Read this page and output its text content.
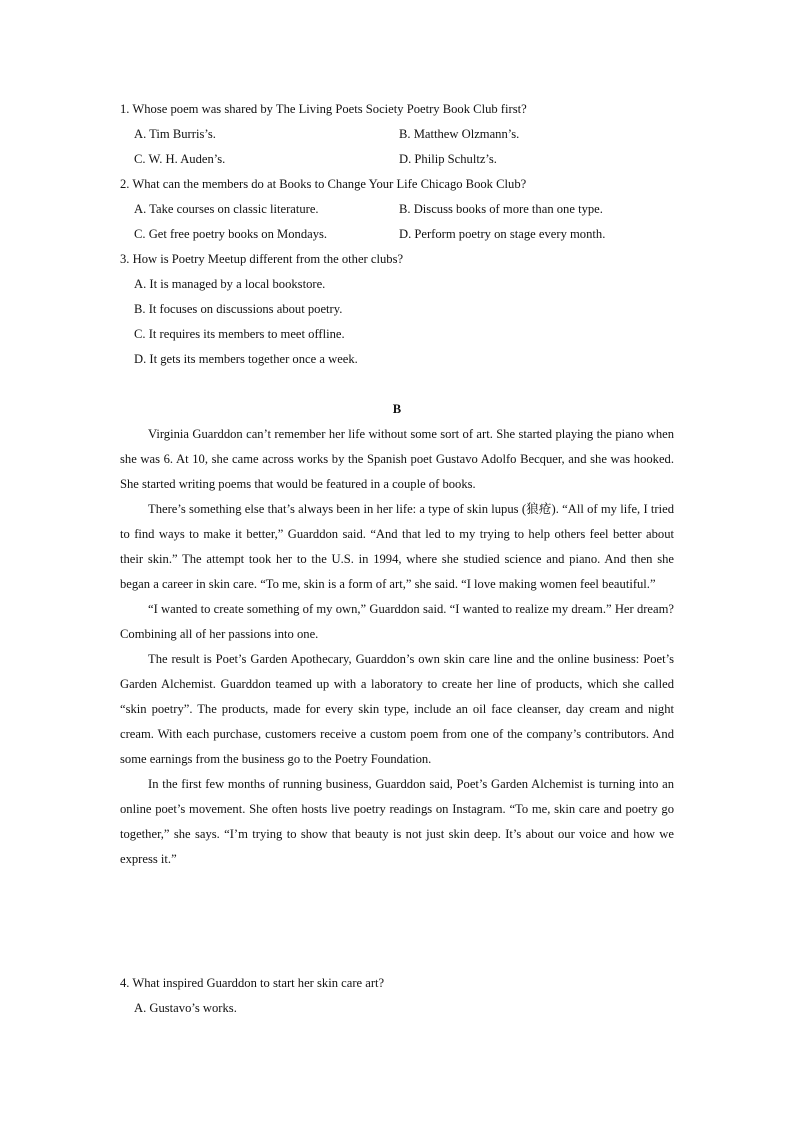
1. Whose poem was shared by The Living Poets Society Poetry Book Club first?
A. Tim Burris’s.	B. Matthew Olzmann’s.
C. W. H. Auden’s.	D. Philip Schultz’s.
2. What can the members do at Books to Change Your Life Chicago Book Club?
A. Take courses on classic literature.	B. Discuss books of more than one type.
C. Get free poetry books on Mondays.	D. Perform poetry on stage every month.
3. How is Poetry Meetup different from the other clubs?
A. It is managed by a local bookstore.
B. It focuses on discussions about poetry.
C. It requires its members to meet offline.
D. It gets its members together once a week.
B

Virginia Guarddon can’t remember her life without some sort of art. She started playing the piano when she was 6. At 10, she came across works by the Spanish poet Gustavo Adolfo Becquer, and she was hooked. She started writing poems that would be featured in a couple of books.

There’s something else that’s always been in her life: a type of skin lupus (狼疮). “All of my life, I tried to find ways to make it better,” Guarddon said. “And that led to my trying to help others feel better about their skin.” The attempt took her to the U.S. in 1994, where she studied science and piano. And then she began a career in skin care. “To me, skin is a form of art,” she said. “I love making women feel beautiful.”

“I wanted to create something of my own,” Guarddon said. “I wanted to realize my dream.” Her dream? Combining all of her passions into one.

The result is Poet’s Garden Apothecary, Guarddon’s own skin care line and the online business: Poet’s Garden Alchemist. Guarddon teamed up with a laboratory to create her line of products, which she called “skin poetry”. The products, made for every skin type, include an oil face cleanser, day cream and night cream. With each purchase, customers receive a custom poem from one of the company’s contributors. And some earnings from the business go to the Poetry Foundation.

In the first few months of running business, Guarddon said, Poet’s Garden Alchemist is turning into an online poet’s movement. She often hosts live poetry readings on Instagram. “To me, skin care and poetry go together,” she says. “I’m trying to show that beauty is not just skin deep. It’s about our voice and how we express it.”

4. What inspired Guarddon to start her skin care art?
A. Gustavo’s works.
